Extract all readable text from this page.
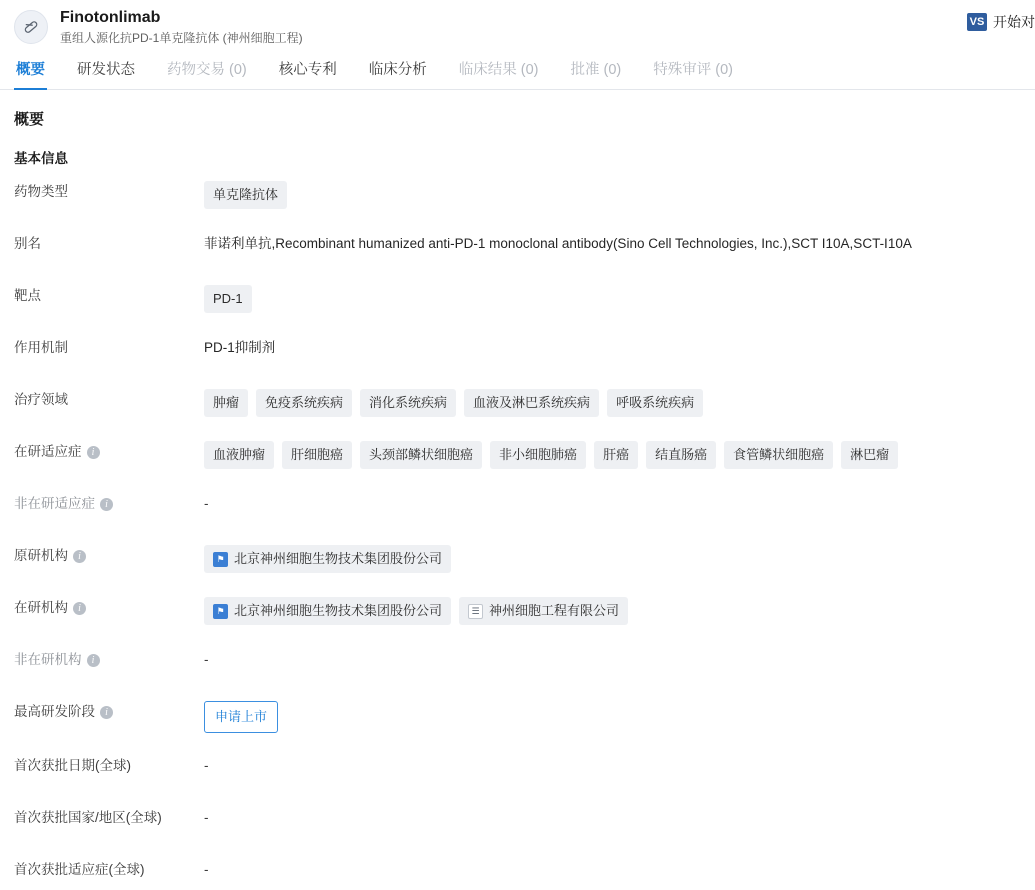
Finotonlimab
重组人源化抗PD-1单克隆抗体 (神州细胞工程)
VS 开始对
概要 研发状态 药物交易 (0) 核心专利 临床分析 临床结果 (0) 批准 (0) 特殊审评 (0)
概要
基本信息
药物类型	单克隆抗体
别名	菲诺利单抗,Recombinant humanized anti-PD-1 monoclonal antibody(Sino Cell Technologies, Inc.),SCT I10A,SCT-I10A
靶点	PD-1
作用机制	PD-1抑制剂
治疗领域	肿瘤	免疫系统疾病	消化系统疾病	血液及淋巴系统疾病	呼吸系统疾病
在研适应症	i	血液肿瘤	肝细胞癌	头颈部鳞状细胞癌	非小细胞肺癌	肝癌	结直肠癌	食管鳞状细胞癌	淋巴瘤
非在研适应症	i	-
原研机构	i	⚑ 北京神州细胞生物技术集团股份公司
在研机构	i	⚑ 北京神州细胞生物技术集团股份公司	☰ 神州细胞工程有限公司
非在研机构	i	-
最高研发阶段	i	申请上市
首次获批日期(全球)	-
首次获批国家/地区(全球)	-
首次获批适应症(全球)	-
